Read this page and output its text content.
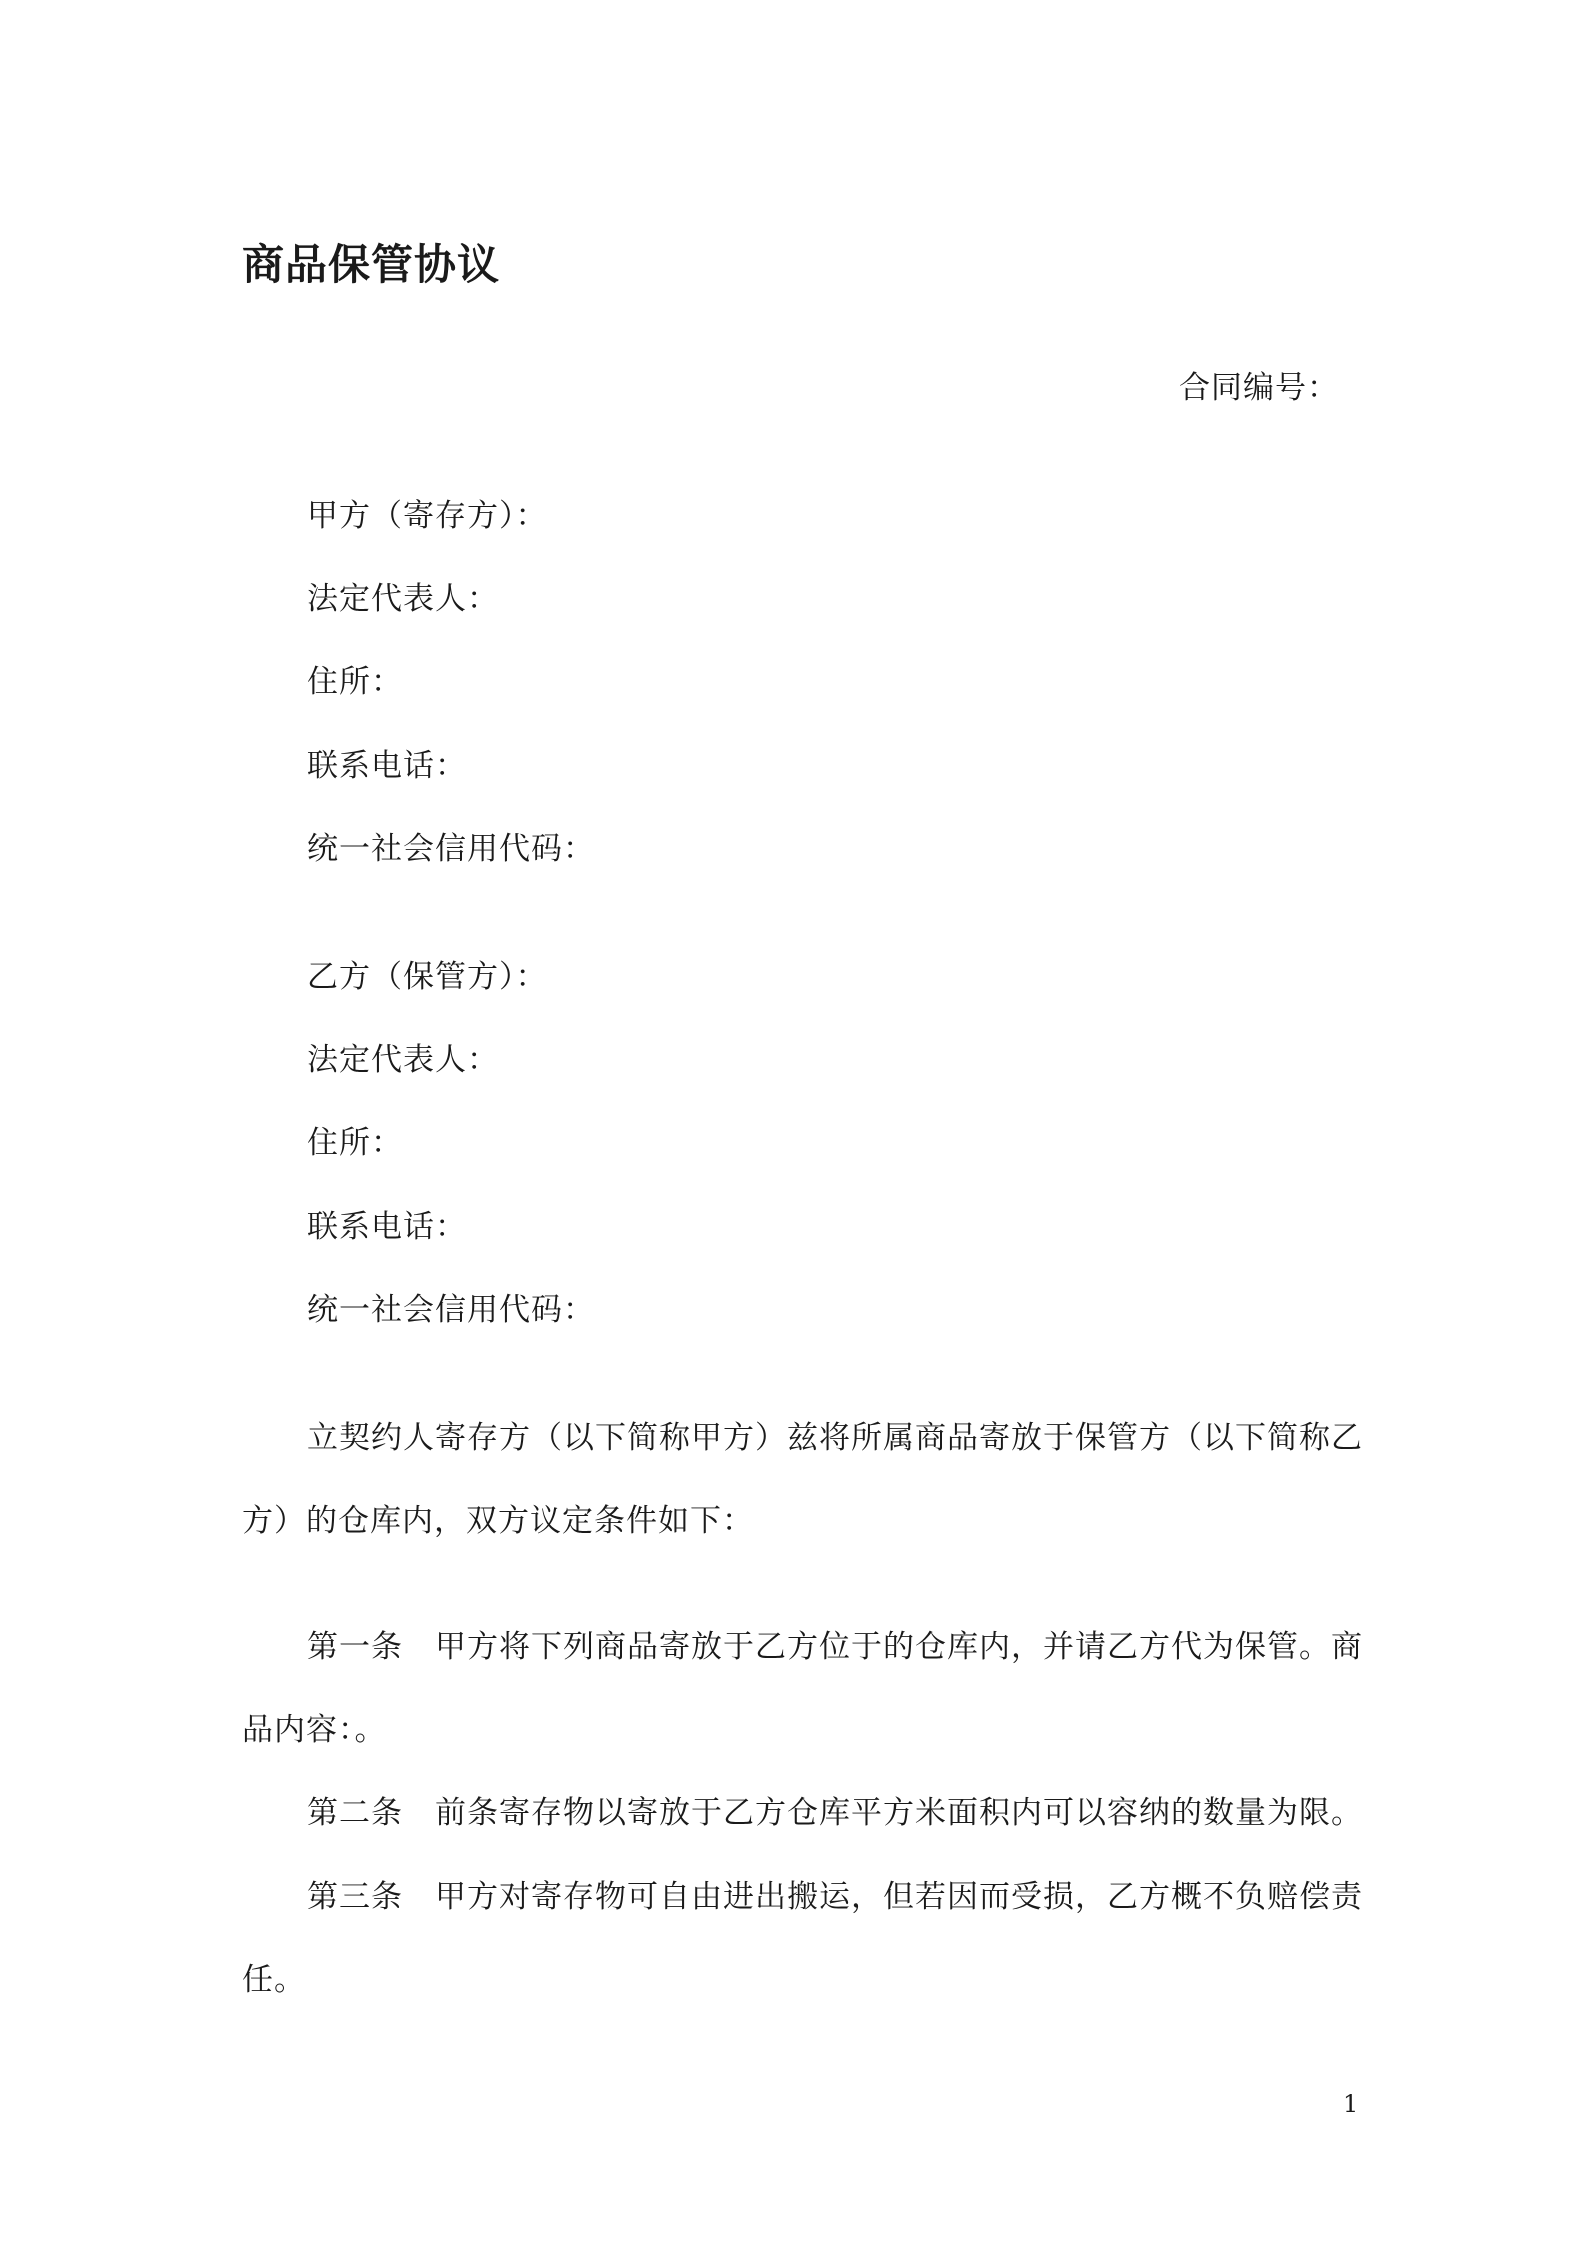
商品保管协议
合同编号：
甲方（寄存方）：
法定代表人：
住所：
联系电话：
统一社会信用代码：
乙方（保管方）：
法定代表人：
住所：
联系电话：
统一社会信用代码：
立契约人寄存方（以下简称甲方）兹将所属商品寄放于保管方（以下简称乙
方）的仓库内，双方议定条件如下：
第一条 甲方将下列商品寄放于乙方位于的仓库内，并请乙方代为保管。商
品内容：。
第二条 前条寄存物以寄放于乙方仓库平方米面积内可以容纳的数量为限。
第三条 甲方对寄存物可自由进出搬运，但若因而受损，乙方概不负赔偿责
任。
1
